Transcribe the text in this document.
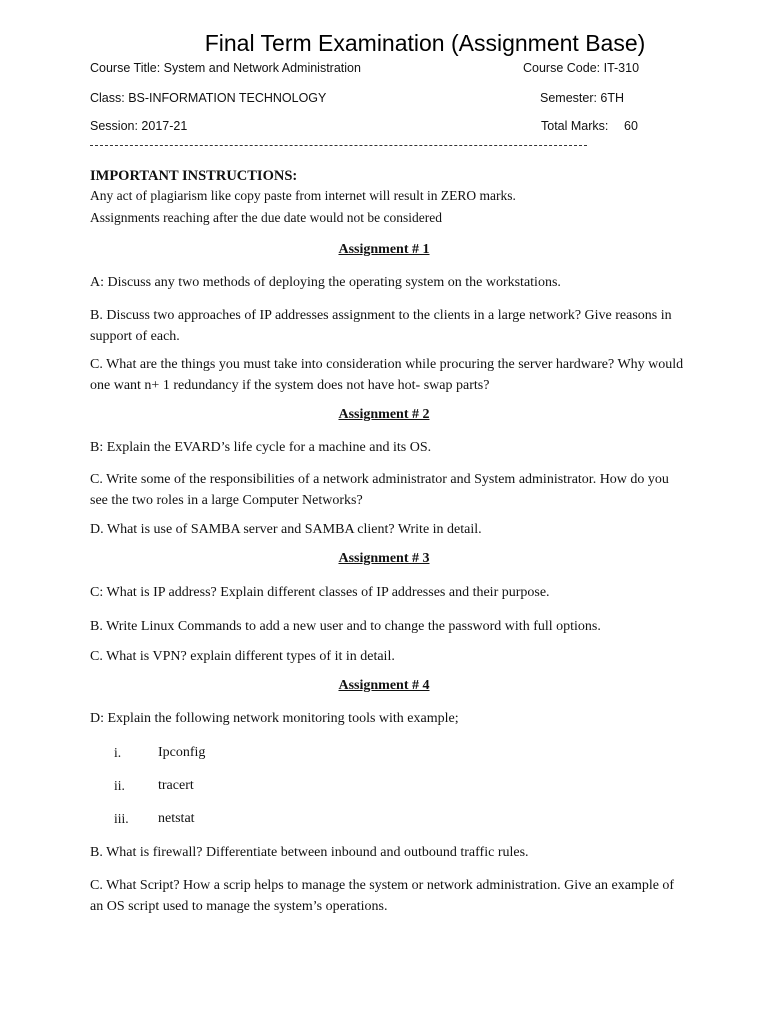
Final Term Examination (Assignment Base)
Course Title: System and Network Administration	Course Code: IT-310
Class: BS-INFORMATION TECHNOLOGY	Semester: 6TH
Session: 2017-21	Total Marks: 60
IMPORTANT INSTRUCTIONS:
Any act of plagiarism like copy paste from internet will result in ZERO marks.
Assignments reaching after the due date would not be considered
Assignment # 1
A: Discuss any two methods of deploying the operating system on the workstations.
B. Discuss two approaches of IP addresses assignment to the clients in a large network? Give reasons in support of each.
C. What are the things you must take into consideration while procuring the server hardware? Why would one want n+ 1 redundancy if the system does not have hot- swap parts?
Assignment # 2
B: Explain the EVARD’s life cycle for a machine and its OS.
C. Write some of the responsibilities of a network administrator and System administrator. How do you see the two roles in a large Computer Networks?
D. What is use of SAMBA server and SAMBA client? Write in detail.
Assignment # 3
C: What is IP address? Explain different classes of IP addresses and their purpose.
B. Write Linux Commands to add a new user and to change the password with full options.
C. What is VPN? explain different types of it in detail.
Assignment # 4
D: Explain the following network monitoring tools with example;
i.	Ipconfig
ii. tracert
iii. netstat
B. What is firewall? Differentiate between inbound and outbound traffic rules.
C. What Script? How a scrip helps to manage the system or network administration. Give an example of an OS script used to manage the system’s operations.
